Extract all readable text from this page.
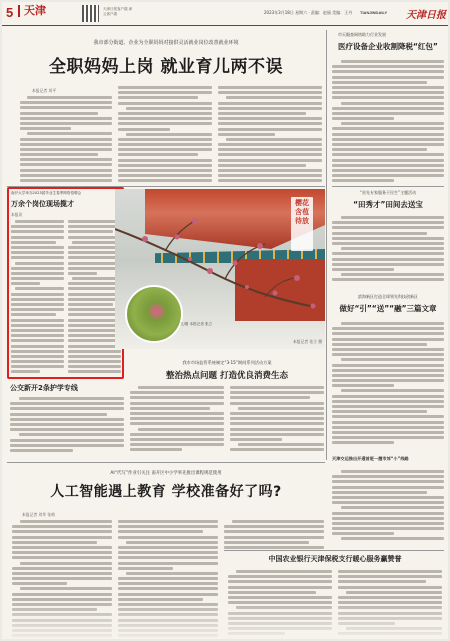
5 天津	天津日报客户端 津云客户端	2023年3月18日 星期六 · 责编：赵丽 美编：王丹 TIANJINDAILY 天津日报
我市部分街道、企业为全职妈妈对接供灵活就业岗位改善就业环境
全职妈妈上岗 就业育儿两不误
本报记者 刘平
市天眼查网络助力行业发展
医疗设备企业收割降税“红包”
南开大学举办2023届毕业生春季网络招聘会
万余个岗位现场揽才
本报讯
樱花含苞待放
文/图 本报记者 张立
本报记者 张立 摄
“首先专家服务于民生”主题活动
“田秀才”田间去送宝
滨海新区打造全球领先科技创新区
做好“引”“送”“融”三篇文章
我市市场监管系统制定“3·15”期间系列活动方案
整治热点问题 打造优良消费生态
公交新开2条护学专线
天津交运推出开通首班一趟市郊“小”线路
AI“代写”作业引关注 南开区中小学率先推出课程规范使用
人工智能遇上教育 学校准备好了吗?
本报记者 刘苹 张萌
中国农业银行天津保税支行暖心服务赢赞誉
